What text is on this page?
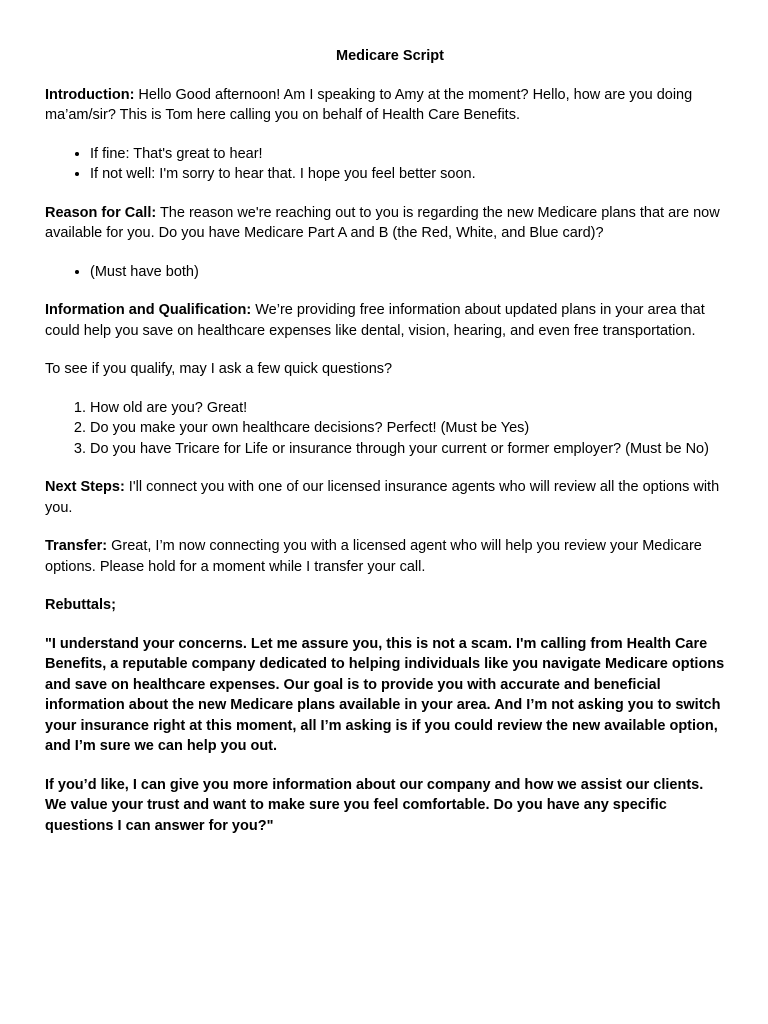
Medicare Script

Introduction: Hello Good afternoon! Am I speaking to Amy at the moment? Hello, how are you doing ma’am/sir? This is Tom here calling you on behalf of Health Care Benefits.

• If fine: That's great to hear!
• If not well: I'm sorry to hear that. I hope you feel better soon.

Reason for Call: The reason we're reaching out to you is regarding the new Medicare plans that are now available for you. Do you have Medicare Part A and B (the Red, White, and Blue card)?

• (Must have both)

Information and Qualification: We’re providing free information about updated plans in your area that could help you save on healthcare expenses like dental, vision, hearing, and even free transportation.

To see if you qualify, may I ask a few quick questions?

1. How old are you? Great!
2. Do you make your own healthcare decisions? Perfect! (Must be Yes)
3. Do you have Tricare for Life or insurance through your current or former employer? (Must be No)

Next Steps: I'll connect you with one of our licensed insurance agents who will review all the options with you.

Transfer: Great, I’m now connecting you with a licensed agent who will help you review your Medicare options. Please hold for a moment while I transfer your call.

Rebuttals;

"I understand your concerns. Let me assure you, this is not a scam. I'm calling from Health Care Benefits, a reputable company dedicated to helping individuals like you navigate Medicare options and save on healthcare expenses. Our goal is to provide you with accurate and beneficial information about the new Medicare plans available in your area. And I’m not asking you to switch your insurance right at this moment, all I’m asking is if you could review the new available option, and I’m sure we can help you out.

If you’d like, I can give you more information about our company and how we assist our clients. We value your trust and want to make sure you feel comfortable. Do you have any specific questions I can answer for you?"
